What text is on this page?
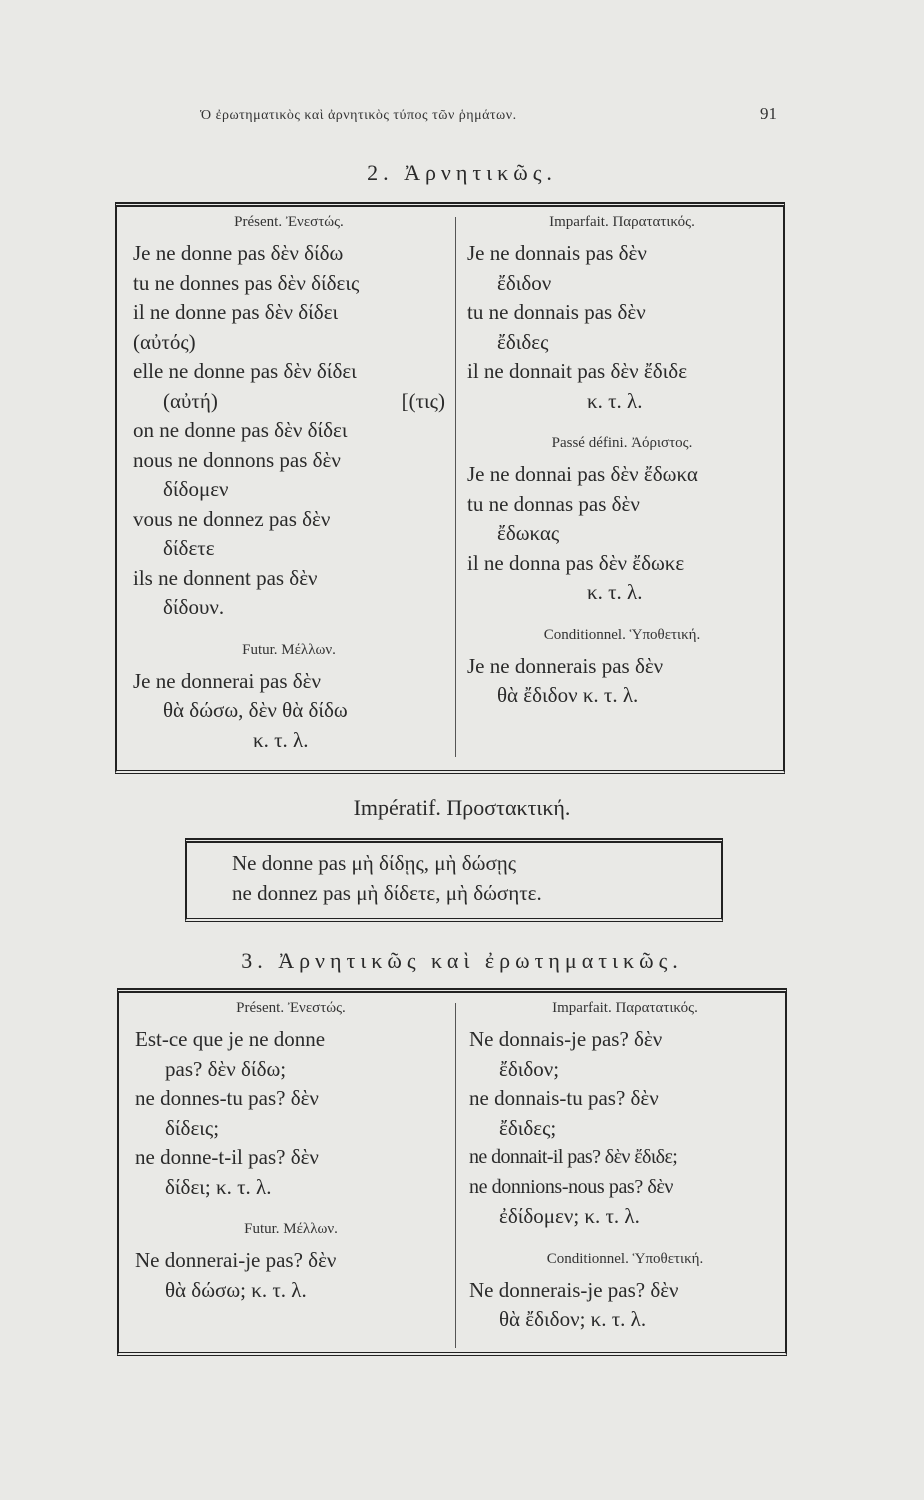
Ὁ ἐρωτηματικὸς καὶ ἀρνητικὸς τύπος τῶν ῥημάτων.	91
2. Ἀρνητικῶς.
Présent. Ἐνεστώς.
Je ne donne pas δὲν δίδω
tu ne donnes pas δὲν δίδεις
il ne donne pas δὲν δίδει
(αὐτός)
elle ne donne pas δὲν δίδει
(αὐτή)	[(τις)
on ne donne pas δὲν δίδει
nous ne donnons pas δὲν
δίδομεν
vous ne donnez pas δὲν
δίδετε
ils ne donnent pas δὲν
δίδουν.
Futur. Μέλλων.
Je ne donnerai pas δὲν
θὰ δώσω, δὲν θὰ δίδω
κ. τ. λ.
Imparfait. Παρατατικός.
Je ne donnais pas δὲν
ἔδιδον
tu ne donnais pas δὲν
ἔδιδες
il ne donnait pas δὲν ἔδιδε
κ. τ. λ.
Passé défini. Ἀόριστος.
Je ne donnai pas δὲν ἔδωκα
tu ne donnas pas δὲν
ἔδωκας
il ne donna pas δὲν ἔδωκε
κ. τ. λ.
Conditionnel. Ὑποθετική.
Je ne donnerais pas δὲν
θὰ ἔδιδον κ. τ. λ.
Impératif. Προστακτική.
Ne donne pas μὴ δίδῃς, μὴ δώσῃς
ne donnez pas μὴ δίδετε, μὴ δώσητε.
3. Ἀρνητικῶς καὶ ἐρωτηματικῶς.
Présent. Ἐνεστώς.
Est-ce que je ne donne
pas? δὲν δίδω;
ne donnes-tu pas? δὲν
δίδεις;
ne donne-t-il pas? δὲν
δίδει; κ. τ. λ.
Futur. Μέλλων.
Ne donnerai-je pas? δὲν
θὰ δώσω; κ. τ. λ.
Imparfait. Παρατατικός.
Ne donnais-je pas? δὲν
ἔδιδον;
ne donnais-tu pas? δὲν
ἔδιδες;
ne donnait-il pas? δὲν ἔδιδε;
ne donnions-nous pas? δὲν
ἐδίδομεν; κ. τ. λ.
Conditionnel. Ὑποθετική.
Ne donnerais-je pas? δὲν
θὰ ἔδιδον; κ. τ. λ.
